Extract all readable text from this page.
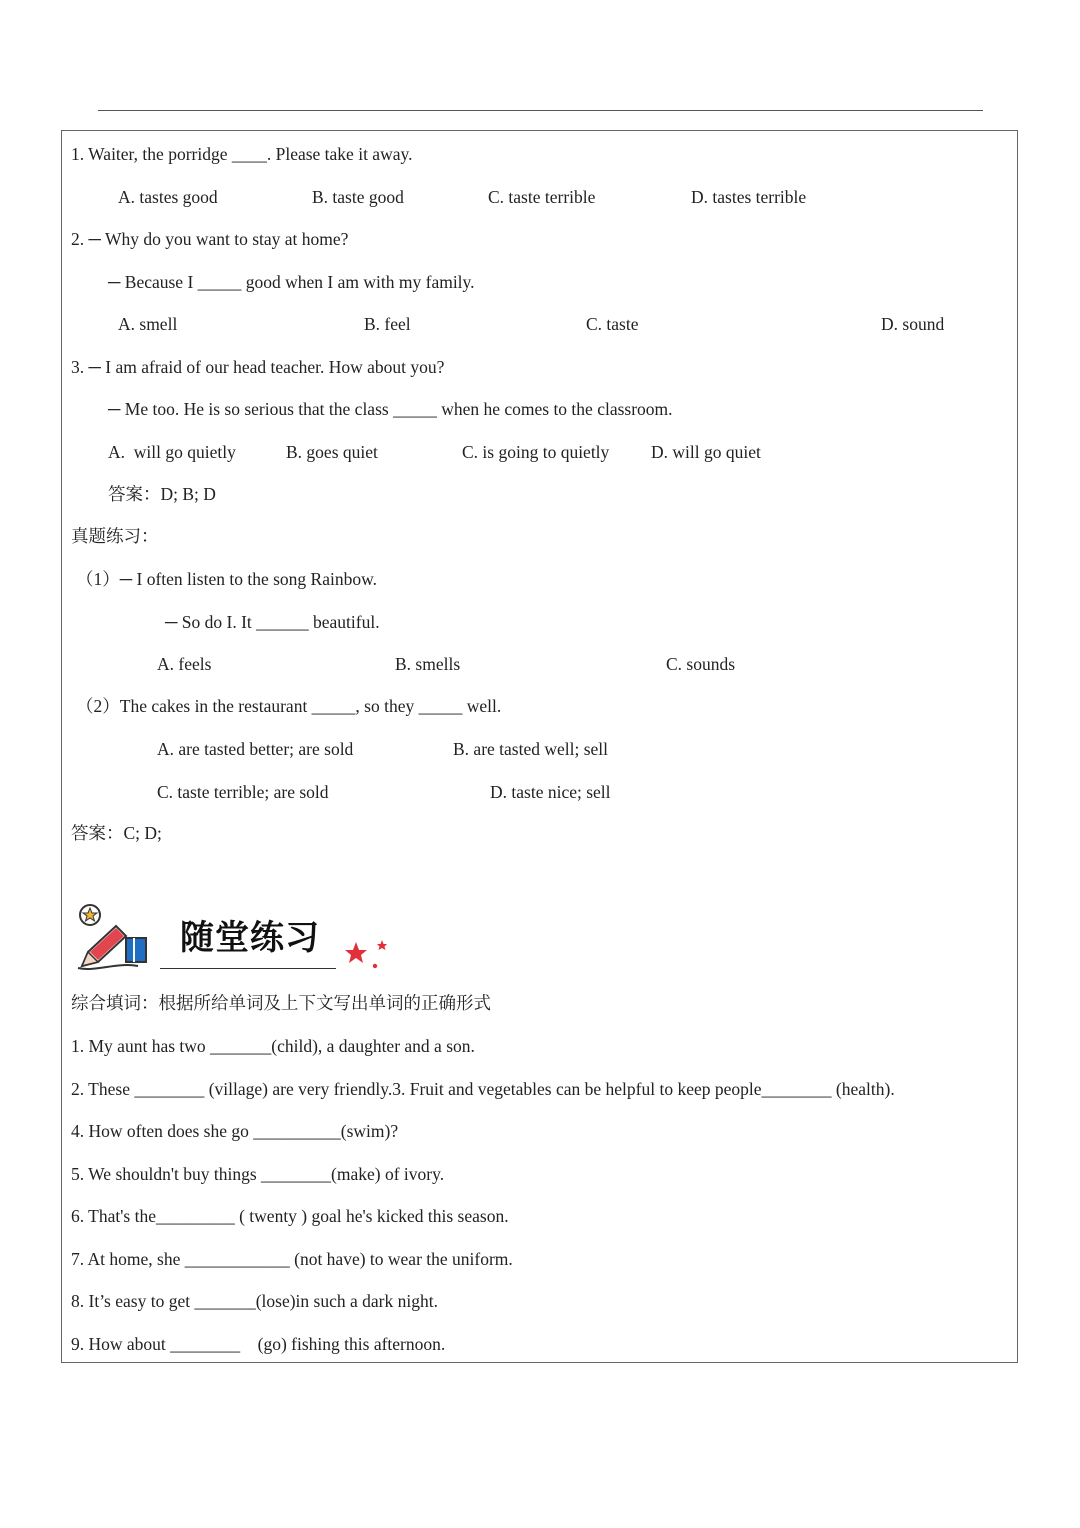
1. Waiter, the porridge ____. Please take it away.
A. tastes good	B. taste good	C. taste terrible	D. tastes terrible
2. ─ Why do you want to stay at home?
─ Because I _____ good when I am with my family.
A. smell	B. feel	C. taste	D. sound
3. ─ I am afraid of our head teacher. How about you?
─ Me too. He is so serious that the class _____ when he comes to the classroom.
A.  will go quietly	B. goes quiet	C. is going to quietly D. will go quiet
答案：D; B; D
真题练习：
（1）─ I often listen to the song Rainbow.
─ So do I. It ______ beautiful.
A. feels	B. smells	C. sounds
（2）The cakes in the restaurant _____, so they _____ well.
A. are tasted better; are sold	B. are tasted well; sell
C. taste terrible; are sold	D. taste nice; sell
答案：C; D;
随堂练习
综合填词：根据所给单词及上下文写出单词的正确形式
1. My aunt has two _______(child), a daughter and a son.
2. These ________ (village) are very friendly.3. Fruit and vegetables can be helpful to keep people________ (health).
4. How often does she go __________(swim)?
5. We shouldn't buy things ________(make) of ivory.
6. That's the_________ ( twenty ) goal he's kicked this season.
7. At home, she ____________ (not have) to wear the uniform.
8. It’s easy to get _______(lose)in such a dark night.
9. How about ________    (go) fishing this afternoon.
